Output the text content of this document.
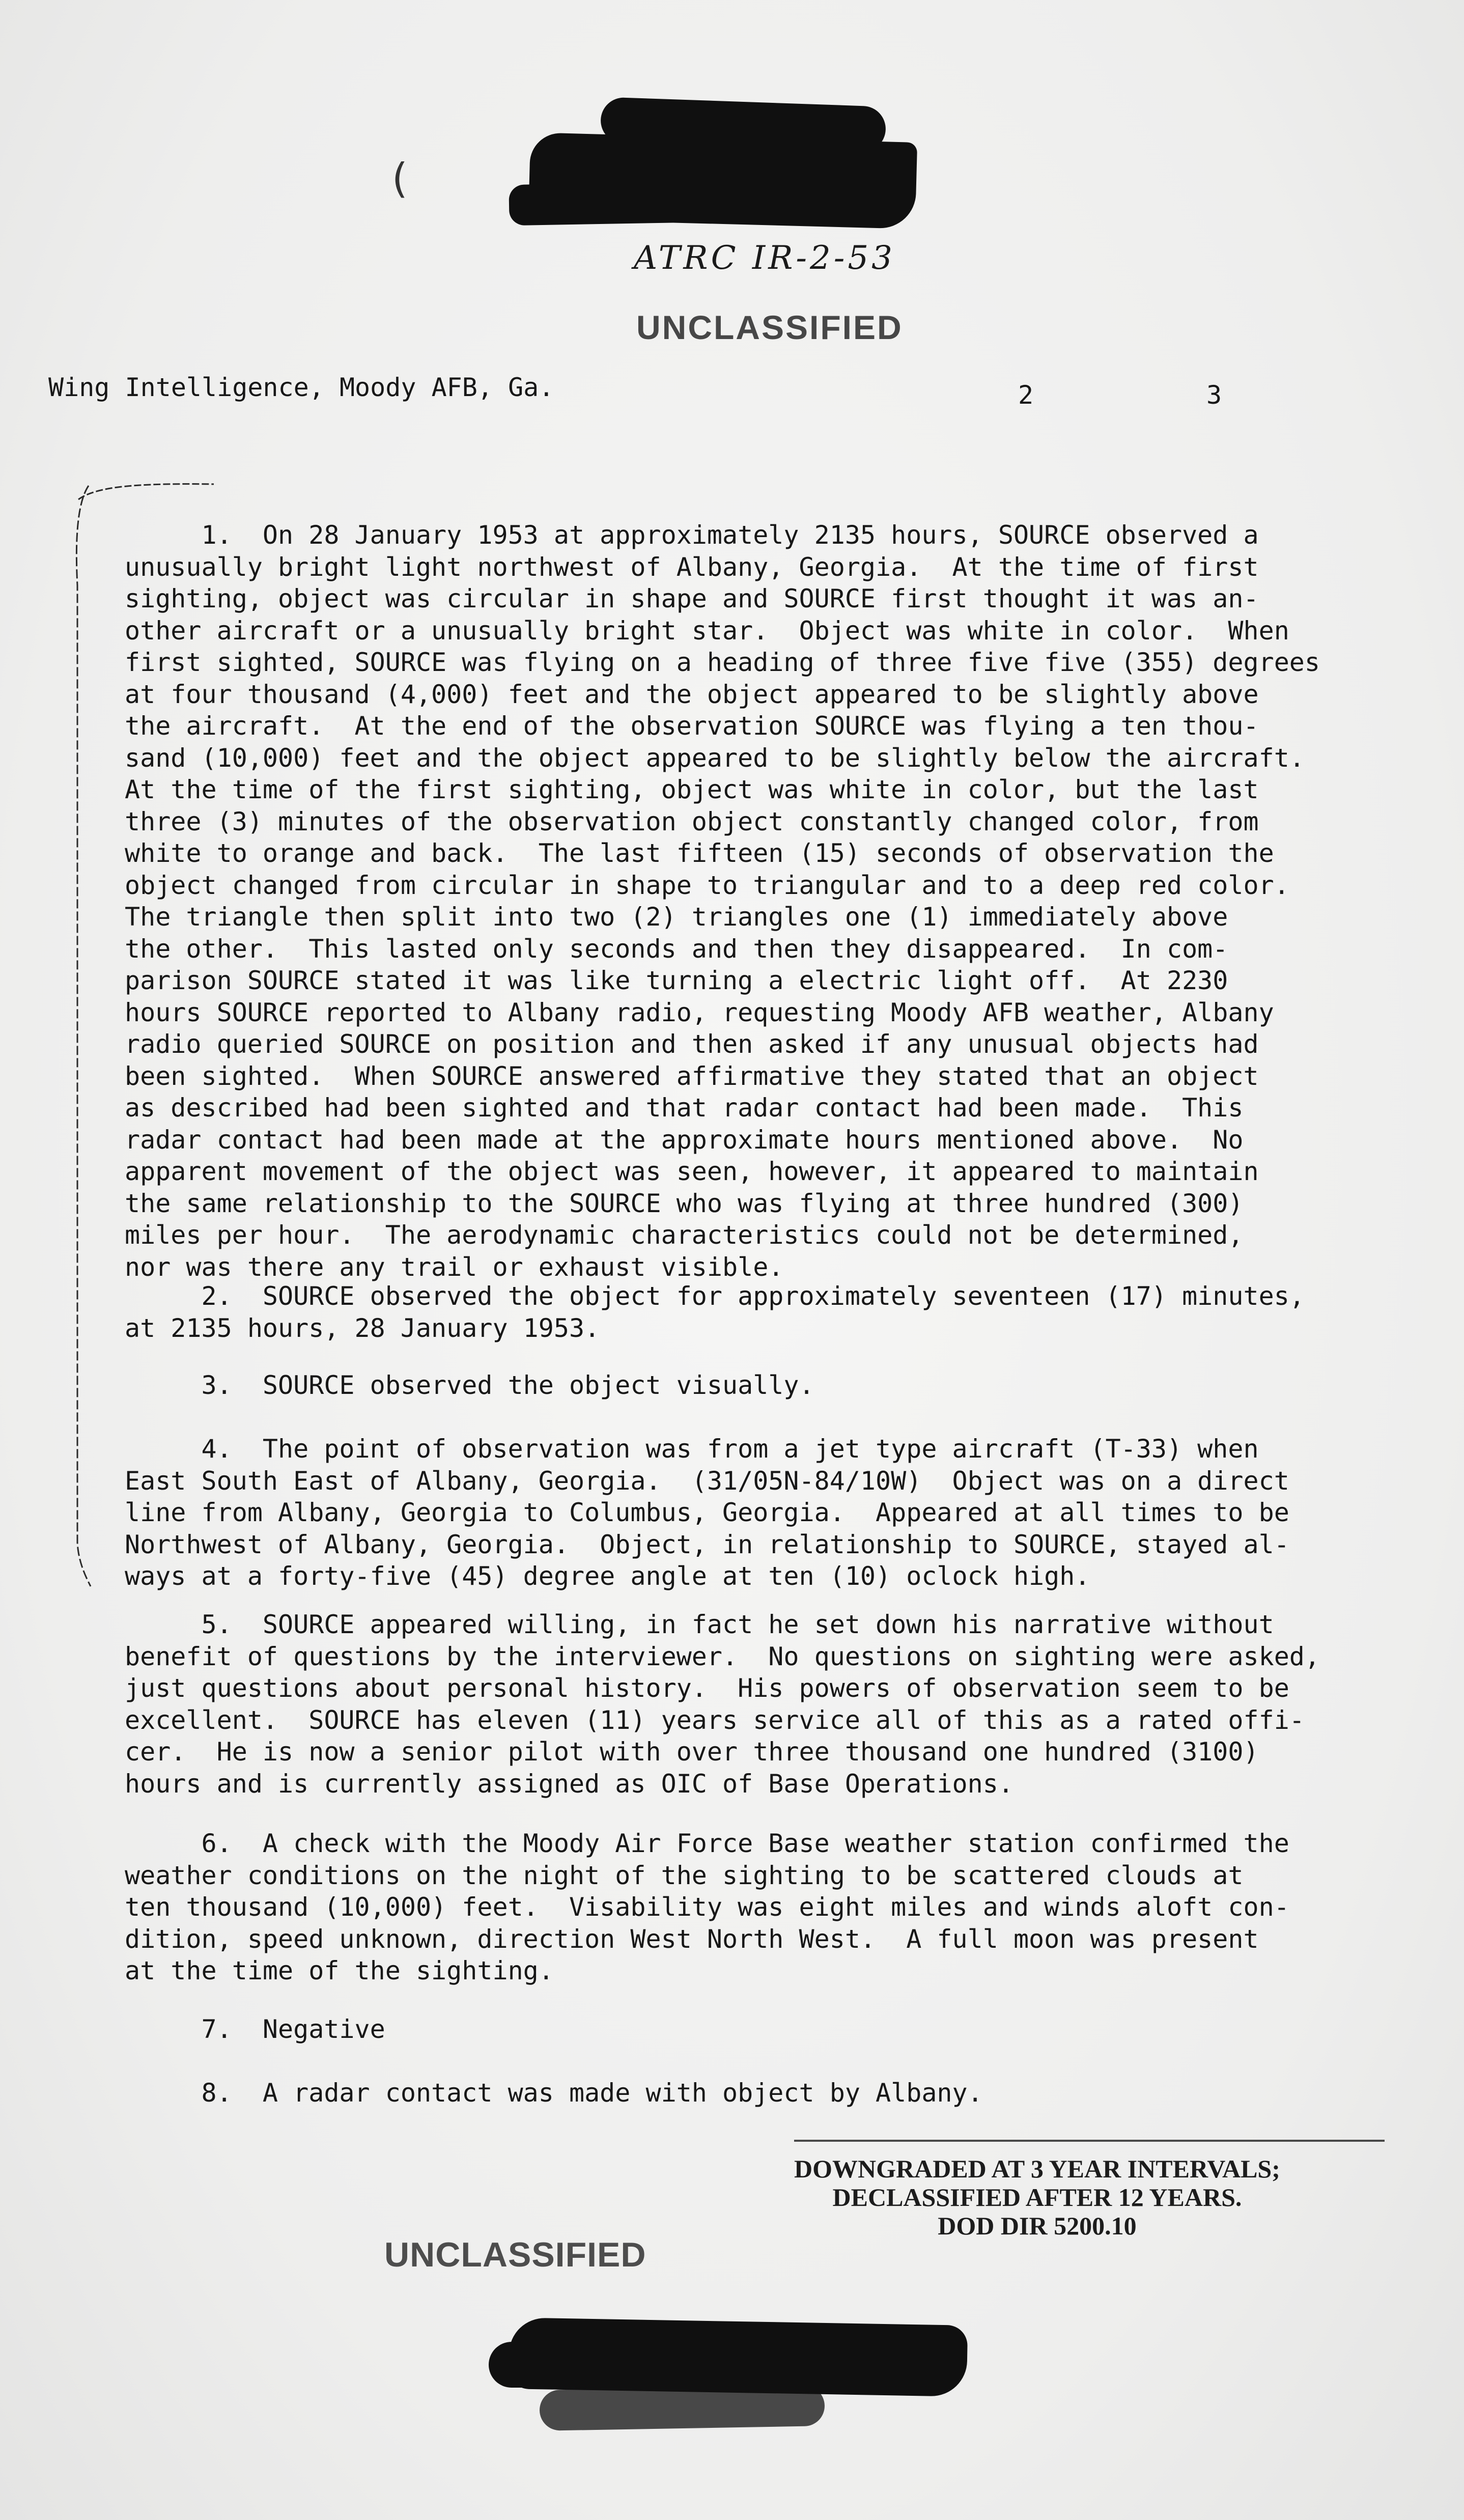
(
ATRC IR-2-53
UNCLASSIFIED
Wing Intelligence, Moody AFB, Ga.	2	3
1.  On 28 January 1953 at approximately 2135 hours, SOURCE observed a
unusually bright light northwest of Albany, Georgia.  At the time of first
sighting, object was circular in shape and SOURCE first thought it was an-
other aircraft or a unusually bright star.  Object was white in color.  When
first sighted, SOURCE was flying on a heading of three five five (355) degrees
at four thousand (4,000) feet and the object appeared to be slightly above
the aircraft.  At the end of the observation SOURCE was flying a ten thou-
sand (10,000) feet and the object appeared to be slightly below the aircraft.
At the time of the first sighting, object was white in color, but the last
three (3) minutes of the observation object constantly changed color, from
white to orange and back.  The last fifteen (15) seconds of observation the
object changed from circular in shape to triangular and to a deep red color.
The triangle then split into two (2) triangles one (1) immediately above
the other.  This lasted only seconds and then they disappeared.  In com-
parison SOURCE stated it was like turning a electric light off.  At 2230
hours SOURCE reported to Albany radio, requesting Moody AFB weather, Albany
radio queried SOURCE on position and then asked if any unusual objects had
been sighted.  When SOURCE answered affirmative they stated that an object
as described had been sighted and that radar contact had been made.  This
radar contact had been made at the approximate hours mentioned above.  No
apparent movement of the object was seen, however, it appeared to maintain
the same relationship to the SOURCE who was flying at three hundred (300)
miles per hour.  The aerodynamic characteristics could not be determined,
nor was there any trail or exhaust visible.
2.  SOURCE observed the object for approximately seventeen (17) minutes,
at 2135 hours, 28 January 1953.
3.  SOURCE observed the object visually.
4.  The point of observation was from a jet type aircraft (T-33) when
East South East of Albany, Georgia.  (31/05N-84/10W)  Object was on a direct
line from Albany, Georgia to Columbus, Georgia.  Appeared at all times to be
Northwest of Albany, Georgia.  Object, in relationship to SOURCE, stayed al-
ways at a forty-five (45) degree angle at ten (10) oclock high.
5.  SOURCE appeared willing, in fact he set down his narrative without
benefit of questions by the interviewer.  No questions on sighting were asked,
just questions about personal history.  His powers of observation seem to be
excellent.  SOURCE has eleven (11) years service all of this as a rated offi-
cer.  He is now a senior pilot with over three thousand one hundred (3100)
hours and is currently assigned as OIC of Base Operations.
6.  A check with the Moody Air Force Base weather station confirmed the
weather conditions on the night of the sighting to be scattered clouds at
ten thousand (10,000) feet.  Visability was eight miles and winds aloft con-
dition, speed unknown, direction West North West.  A full moon was present
at the time of the sighting.
7.  Negative
8.  A radar contact was made with object by Albany.
DOWNGRADED AT 3 YEAR INTERVALS;
DECLASSIFIED AFTER 12 YEARS.
DOD DIR 5200.10
UNCLASSIFIED
